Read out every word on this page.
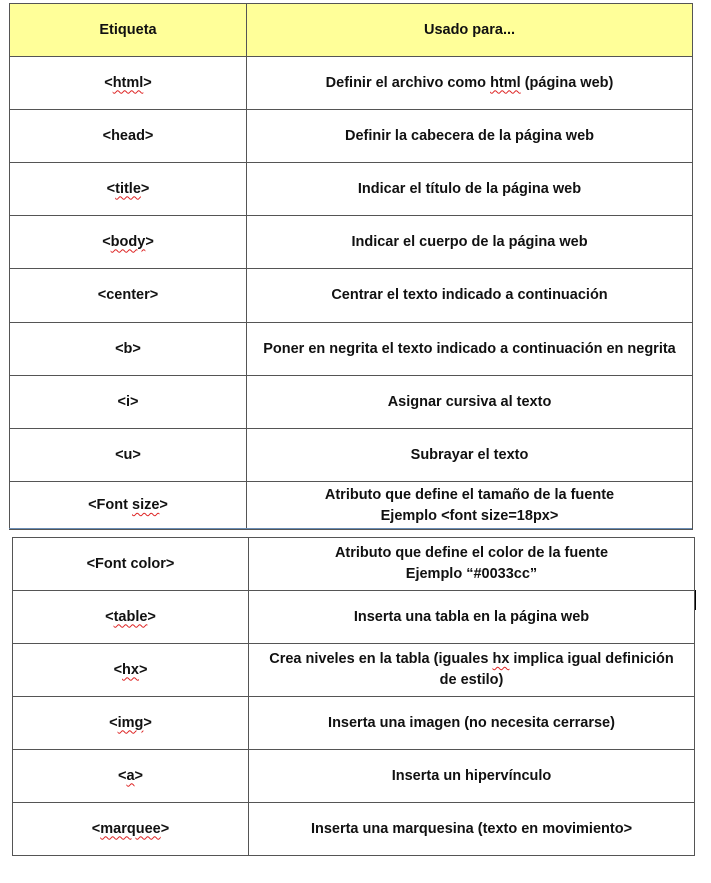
Etiqueta	Usado para...
<html>	Definir el archivo como html (página web)
<head>	Definir la cabecera de la página web
<title>	Indicar el título de la página web
<body>	Indicar el cuerpo de la página web
<center>	Centrar el texto indicado a continuación
<b>	Poner en negrita el texto indicado a continuación en negrita
<i>	Asignar cursiva al texto
<u>	Subrayar el texto
<Font size>	Atributo que define el tamaño de la fuente
Ejemplo <font size=18px>
<Font color>	Atributo que define el color de la fuente
Ejemplo “#0033cc”

<table>	Inserta una tabla en la página web
<hx>	Crea niveles en la tabla (iguales hx implica igual definición
de estilo)

<img>	Inserta una imagen (no necesita cerrarse)
<a>	Inserta un hipervínculo
<marquee>	Inserta una marquesina (texto en movimiento>
